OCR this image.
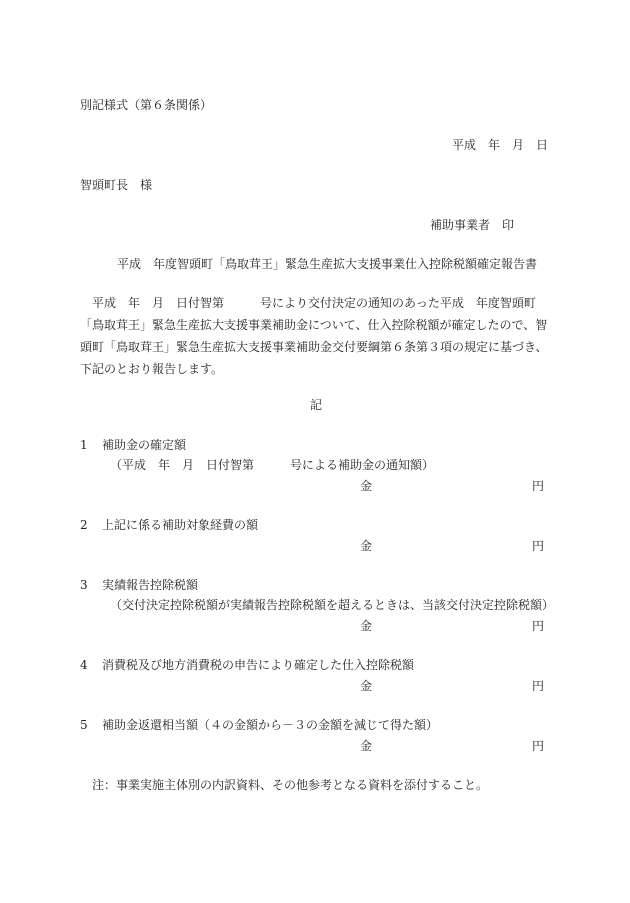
別記様式（第６条関係）
平成　年　月　日
智頭町長　様
補助事業者　印
平成　年度智頭町「鳥取茸王」緊急生産拡大支援事業仕入控除税額確定報告書
平成　年　月　日付智第　　　号により交付決定の通知のあった平成　年度智頭町
「鳥取茸王」緊急生産拡大支援事業補助金について、仕入控除税額が確定したので、智
頭町「鳥取茸王」緊急生産拡大支援事業補助金交付要綱第６条第３項の規定に基づき、
下記のとおり報告します。
記
1 補助金の確定額
（平成　年　月　日付智第　　　号による補助金の通知額）
金	円
2 上記に係る補助対象経費の額
金	円
3 実績報告控除税額
（交付決定控除税額が実績報告控除税額を超えるときは、当該交付決定控除税額）
金	円
4 消費税及び地方消費税の申告により確定した仕入控除税額
金	円
5 補助金返還相当額（４の金額から－３の金額を減じて得た額）
金	円
注：事業実施主体別の内訳資料、その他参考となる資料を添付すること。
